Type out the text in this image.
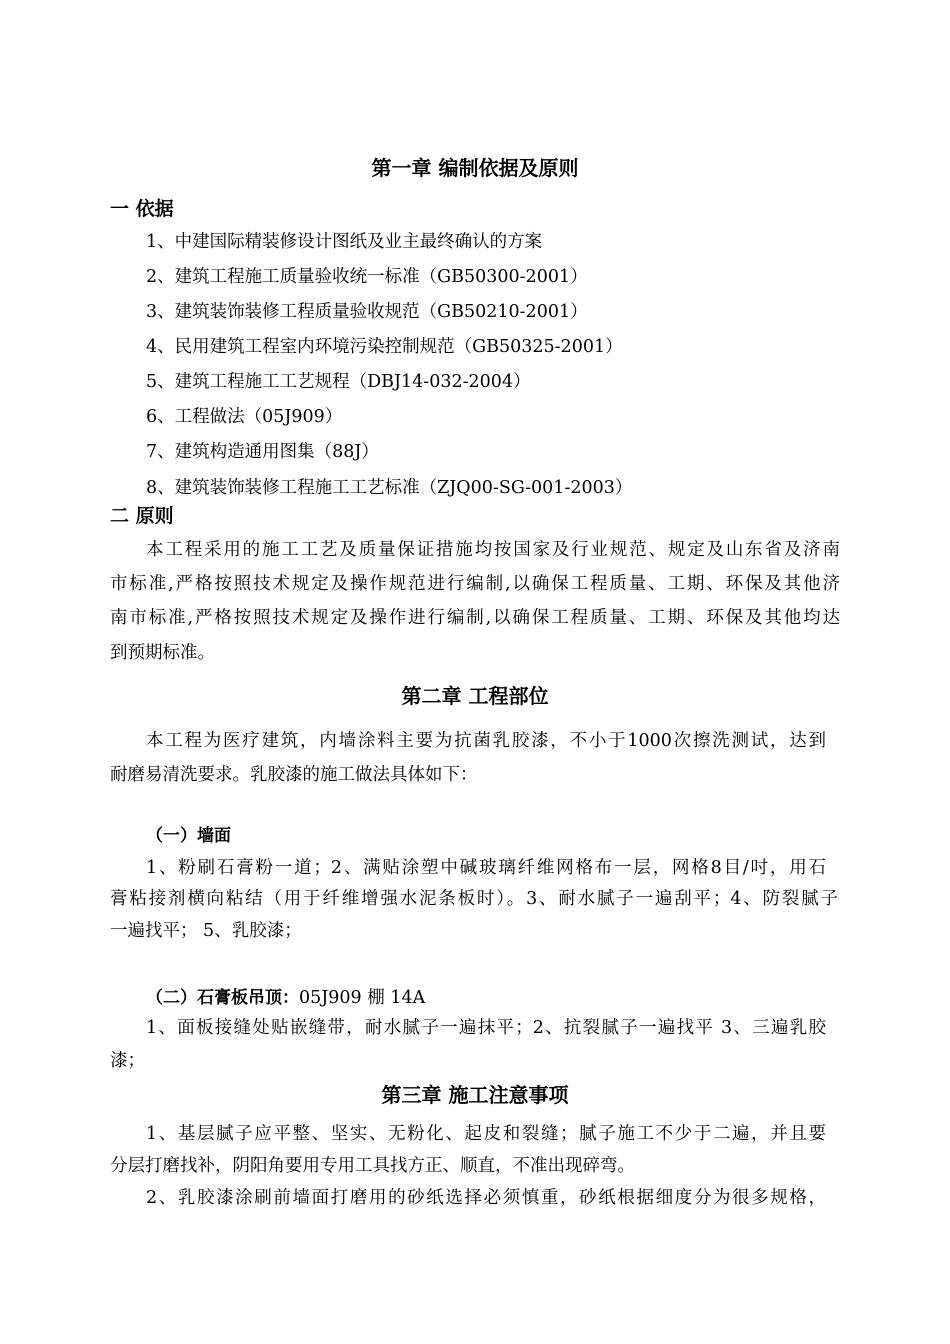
第一章 编制依据及原则
一 依据
1、中建国际精装修设计图纸及业主最终确认的方案
2、建筑工程施工质量验收统一标准（GB50300-2001）
3、建筑装饰装修工程质量验收规范（GB50210-2001）
4、民用建筑工程室内环境污染控制规范（GB50325-2001）
5、建筑工程施工工艺规程（DBJ14-032-2004）
6、工程做法（05J909）
7、建筑构造通用图集（88J）
8、建筑装饰装修工程施工工艺标准（ZJQ00-SG-001-2003）
二 原则
本工程采用的施工工艺及质量保证措施均按国家及行业规范、规定及山东省及济南
市标准,严格按照技术规定及操作规范进行编制,以确保工程质量、工期、环保及其他济
南市标准,严格按照技术规定及操作进行编制,以确保工程质量、工期、环保及其他均达
到预期标准。
第二章 工程部位
本工程为医疗建筑，内墙涂料主要为抗菌乳胶漆，不小于1000次擦洗测试，达到
耐磨易清洗要求。乳胶漆的施工做法具体如下：
（一）墙面
1、粉刷石膏粉一道；2、满贴涂塑中碱玻璃纤维网格布一层，网格8目/吋，用石
膏粘接剂横向粘结（用于纤维增强水泥条板时）。3、耐水腻子一遍刮平；4、防裂腻子
一遍找平； 5、乳胶漆；
（二）石膏板吊顶：05J909 棚 14A
1、面板接缝处贴嵌缝带，耐水腻子一遍抹平；2、抗裂腻子一遍找平 3、三遍乳胶
漆；
第三章 施工注意事项
1、基层腻子应平整、坚实、无粉化、起皮和裂缝；腻子施工不少于二遍，并且要
分层打磨找补，阴阳角要用专用工具找方正、顺直，不准出现碎弯。
2、乳胶漆涂刷前墙面打磨用的砂纸选择必须慎重，砂纸根据细度分为很多规格，
